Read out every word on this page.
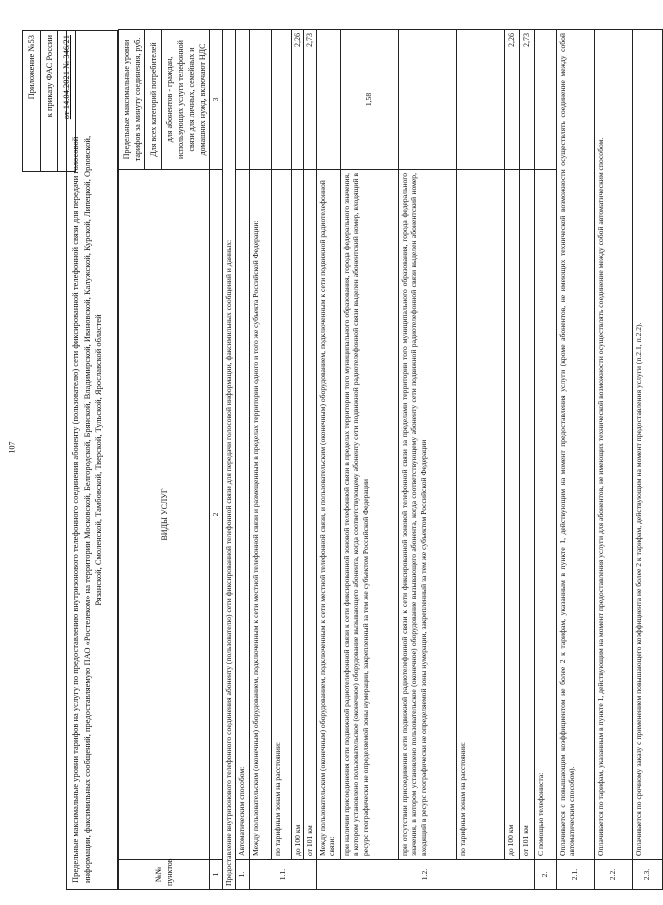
107
Приложение №53 к приказу ФАС России от 14.04.2021 № 346/21
Предельные максимальные уровни тарифов на услугу по предоставлению внутризонового телефонного соединения абоненту (пользователю) сети фиксированной телефонной связи для передачи голосовой информации, факсимильных сообщений, предоставляемую ПАО «Ростелеком» на территории Московской, Белгородской, Брянской, Владимирской, Ивановской, Калужской, Курской, Липецкой, Орловской, Рязанской, Смоленской, Тамбовской, Тверской, Тульской, Ярославской областей
№№ пунктов	ВИДЫ УСЛУГ	Предельные максимальные уровни тарифов за минуту соединения, руб.
		Для всех категорий потребителей
		для абонентов - граждан, использующих услуги телефонной связи для личных, семейных и домашних нужд, включают НДС
1	2	3
Предоставление внутризонового телефонного соединения абоненту (пользователю) сети фиксированной телефонной связи для передачи голосовой информации, факсимильных сообщений и данных:		
1.	Автоматическим способом:	
1.1.	Между пользовательским (оконечным) оборудованием, подключенным к сети местной телефонной связи и размещенным в пределах территории одного и того же субъекта Российской Федерации:	
	по тарифным зонам на расстоянии:	
	до 100 км	2,26
	от 101 км	2,73
1.2.	Между пользовательским (оконечным) оборудованием, подключенным к сети местной телефонной связи, и пользовательским (оконечным) оборудованием, подключенным к сети подвижной радиотелефонной связи:	
	при наличии присоединения сети подвижной радиотелефонной связи к сети фиксированной зоновой телефонной связи в пределах территории того муниципального образования, города федерального значения, в котором установлено пользовательское (оконечное) оборудование вызывающего абонента, когда соответствующему абоненту сети подвижной радиотелефонной связи выделен абонентский номер, входящий в ресурс географически не определяемой зоны нумерации, закрепленный за тем же субъектом Российской Федерации	1,58
	при отсутствии присоединения сети подвижной радиотелефонной связи к сети фиксированной зоновой телефонной связи за пределами территории того муниципального образования, города федерального значения, в котором установлено пользовательское (оконечное) оборудование вызывающего абонента, когда соответствующему абоненту сети подвижной радиотелефонной связи выделен абонентский номер, входящий в ресурс географически не определяемой зоны нумерации, закрепленный за тем же субъектом Российской Федерации	
	по тарифным зонам на расстоянии:	
	до 100 км	2,26
	от 101 км	2,73
2.	С помощью телефониста:	
2.1.	Оплачивается с повышающим коэффициентом не более 2 к тарифам, указанным в пункте 1, действующим на момент предоставления услуги (кроме абонентов, не имеющих технической возможности осуществлять соединение между собой автоматическим способом).	
2.2.	Оплачивается по тарифам, указанным в пункте 1, действующим на момент предоставления услуги для абонентов, не имеющих технической возможности осуществлять соединение между собой автоматическим способом.	
2.3.	Оплачивается по срочному заказу с применением повышающего коэффициента не более 2 к тарифам, действующим на момент предоставления услуги (п.2.1, п.2.2).	
